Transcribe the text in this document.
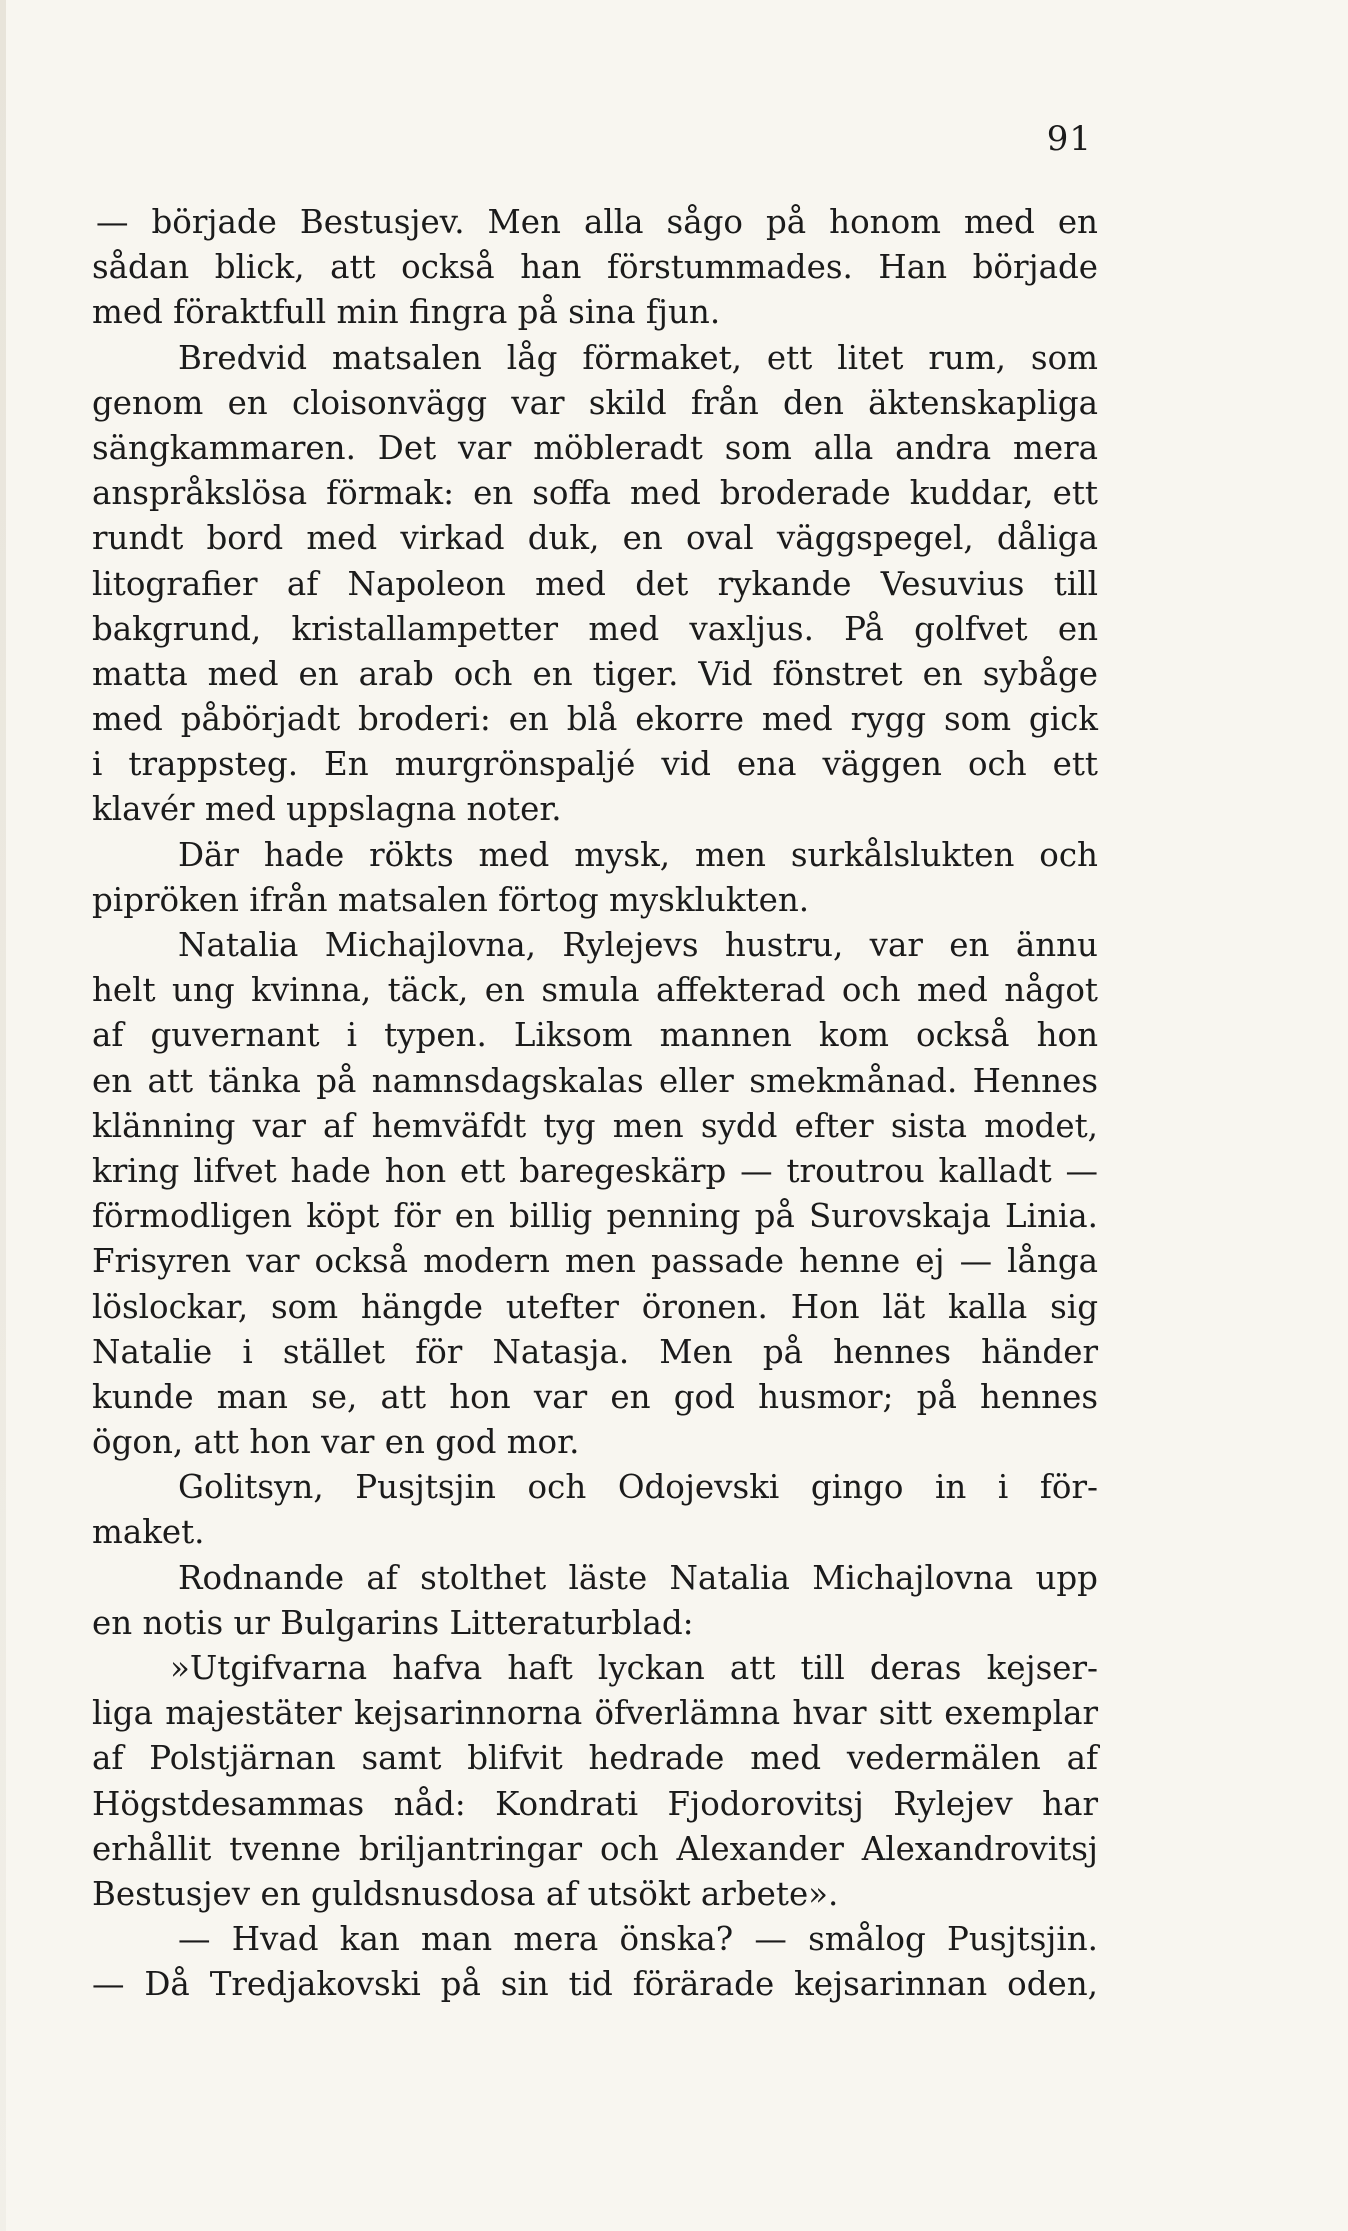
91
— började Bestusjev. Men alla sågo på honom med en
sådan blick, att också han förstummades. Han började
med föraktfull min fingra på sina fjun.
Bredvid matsalen låg förmaket, ett litet rum, som
genom en cloisonvägg var skild från den äktenskapliga
sängkammaren. Det var möbleradt som alla andra mera
anspråkslösa förmak: en soffa med broderade kuddar, ett
rundt bord med virkad duk, en oval väggspegel, dåliga
litografier af Napoleon med det rykande Vesuvius till
bakgrund, kristallampetter med vaxljus. På golfvet en
matta med en arab och en tiger. Vid fönstret en sybåge
med påbörjadt broderi: en blå ekorre med rygg som gick
i trappsteg. En murgrönspaljé vid ena väggen och ett
klavér med uppslagna noter.
Där hade rökts med mysk, men surkålslukten och
pipröken ifrån matsalen förtog mysklukten.
Natalia Michajlovna, Rylejevs hustru, var en ännu
helt ung kvinna, täck, en smula affekterad och med något
af guvernant i typen. Liksom mannen kom också hon
en att tänka på namnsdagskalas eller smekmånad. Hennes
klänning var af hemväfdt tyg men sydd efter sista modet,
kring lifvet hade hon ett baregeskärp — troutrou kalladt —
förmodligen köpt för en billig penning på Surovskaja Linia.
Frisyren var också modern men passade henne ej — långa
löslockar, som hängde utefter öronen. Hon lät kalla sig
Natalie i stället för Natasja. Men på hennes händer
kunde man se, att hon var en god husmor; på hennes
ögon, att hon var en god mor.
Golitsyn, Pusjtsjin och Odojevski gingo in i för-
maket.
Rodnande af stolthet läste Natalia Michajlovna upp
en notis ur Bulgarins Litteraturblad:
»Utgifvarna hafva haft lyckan att till deras kejser-
liga majestäter kejsarinnorna öfverlämna hvar sitt exemplar
af Polstjärnan samt blifvit hedrade med vedermälen af
Högstdesammas nåd: Kondrati Fjodorovitsj Rylejev har
erhållit tvenne briljantringar och Alexander Alexandrovitsj
Bestusjev en guldsnusdosa af utsökt arbete».
— Hvad kan man mera önska? — smålog Pusjtsjin.
— Då Tredjakovski på sin tid förärade kejsarinnan oden,
